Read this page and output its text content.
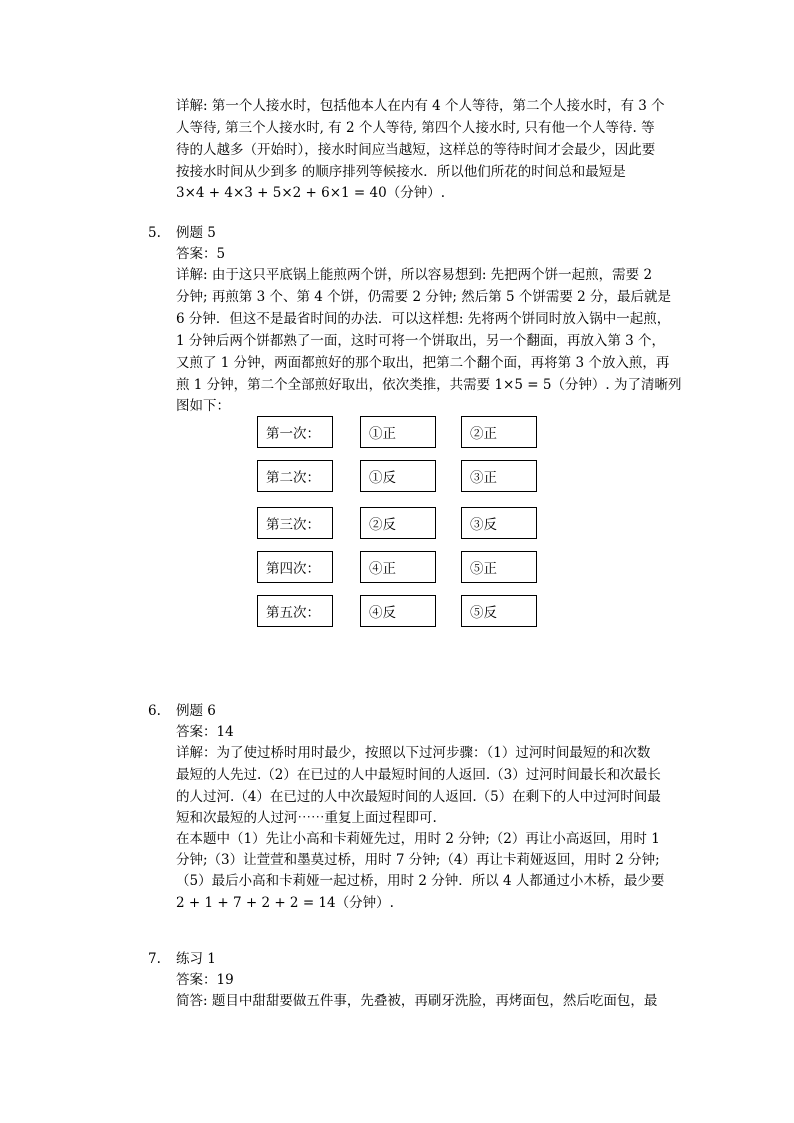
详解: 第一个人接水时，包括他本人在内有 4 个人等待，第二个人接水时，有 3 个
人等待, 第三个人接水时, 有 2 个人等待, 第四个人接水时, 只有他一个人等待. 等
待的人越多（开始时），接水时间应当越短，这样总的等待时间才会最少，因此要
按接水时间从少到多 的顺序排列等候接水．所以他们所花的时间总和最短是
3×4 + 4×3 + 5×2 + 6×1 = 40（分钟）.
5. 例题 5
答案：5
详解: 由于这只平底锅上能煎两个饼，所以容易想到: 先把两个饼一起煎，需要 2
分钟; 再煎第 3 个、第 4 个饼，仍需要 2 分钟; 然后第 5 个饼需要 2 分，最后就是
6 分钟．但这不是最省时间的办法．可以这样想: 先将两个饼同时放入锅中一起煎，
1 分钟后两个饼都熟了一面，这时可将一个饼取出，另一个翻面，再放入第 3 个，
又煎了 1 分钟，两面都煎好的那个取出，把第二个翻个面，再将第 3 个放入煎，再
煎 1 分钟，第二个全部煎好取出，依次类推，共需要 1×5 = 5（分钟）. 为了清晰列
图如下：
第一次：	①正	②正
第二次：	①反	③正
第三次：	②反	③反
第四次：	④正	⑤正
第五次：	④反	⑤反
6. 例题 6
答案：14
详解：为了使过桥时用时最少，按照以下过河步骤：（1）过河时间最短的和次数
最短的人先过.（2）在已过的人中最短时间的人返回.（3）过河时间最长和次最长
的人过河.（4）在已过的人中次最短时间的人返回.（5）在剩下的人中过河时间最
短和次最短的人过河⋯⋯重复上面过程即可.
在本题中（1）先让小高和卡莉娅先过，用时 2 分钟;（2）再让小高返回，用时 1
分钟;（3）让萱萱和墨莫过桥，用时 7 分钟;（4）再让卡莉娅返回，用时 2 分钟;
（5）最后小高和卡莉娅一起过桥，用时 2 分钟．所以 4 人都通过小木桥，最少要
2 + 1 + 7 + 2 + 2 = 14（分钟）.
7. 练习 1
答案：19
简答: 题目中甜甜要做五件事，先叠被，再刷牙洗脸，再烤面包，然后吃面包，最
